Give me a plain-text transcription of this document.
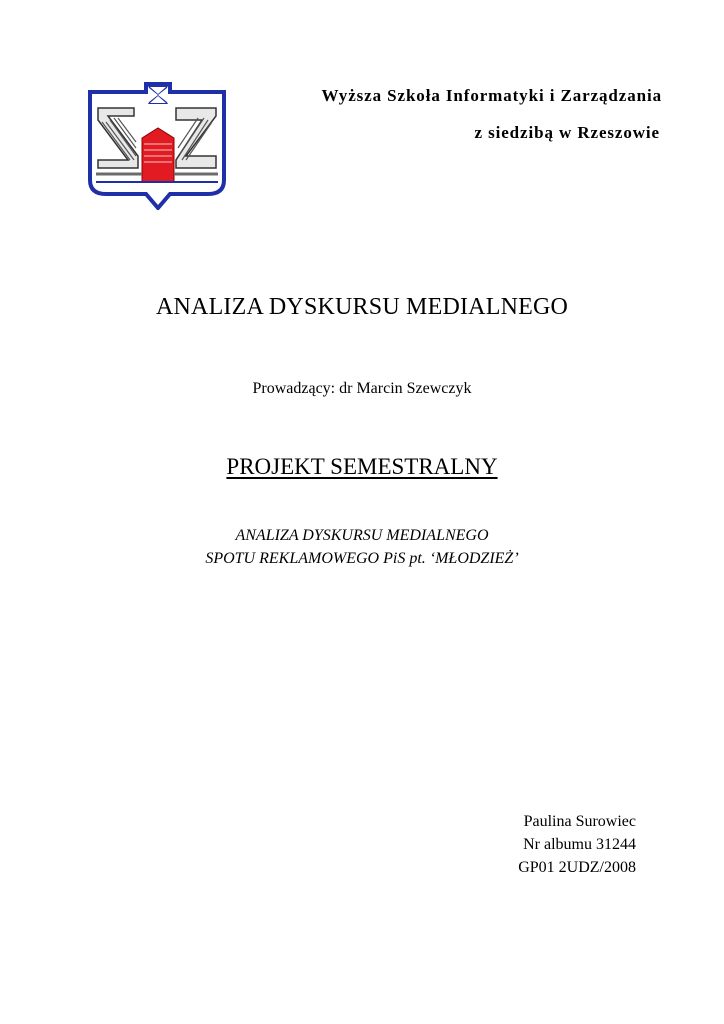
Wyższa Szkoła Informatyki i Zarządzania
z siedzibą w Rzeszowie
ANALIZA DYSKURSU MEDIALNEGO
Prowadzący: dr Marcin Szewczyk
PROJEKT SEMESTRALNY
ANALIZA DYSKURSU MEDIALNEGO
SPOTU REKLAMOWEGO PiS pt. ‘MŁODZIEŻ’
Paulina Surowiec
Nr albumu 31244
GP01 2UDZ/2008
